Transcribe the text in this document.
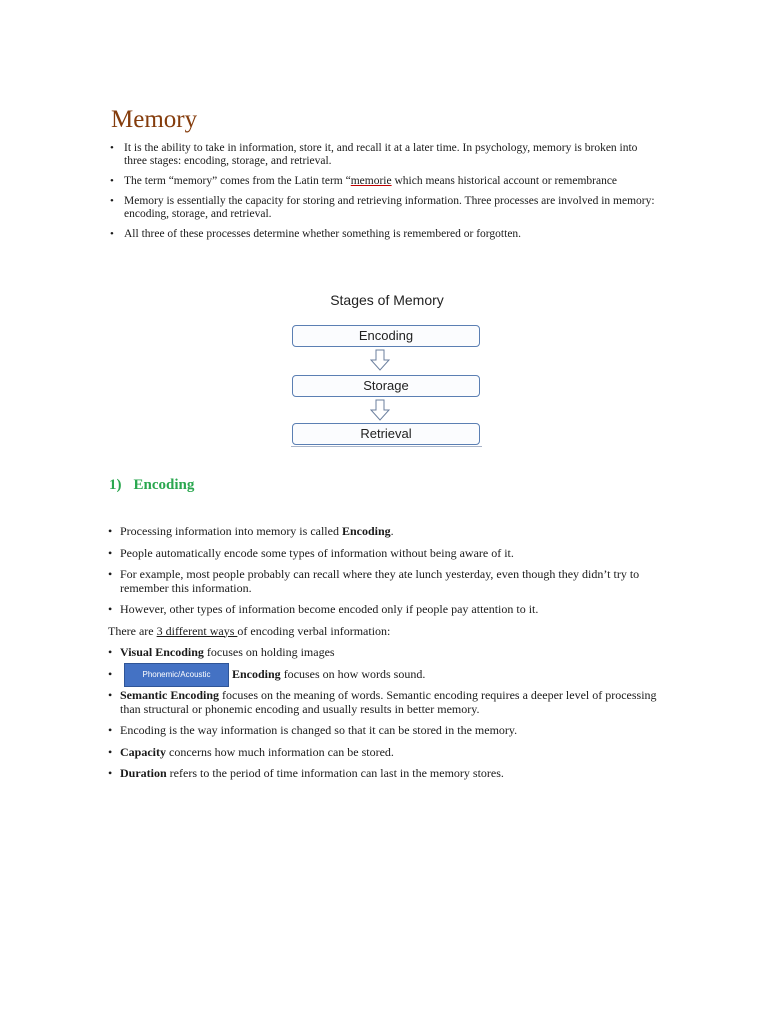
Memory
• It is the ability to take in information, store it, and recall it at a later time. In psychology, memory is broken into three stages: encoding, storage, and retrieval.
• The term “memory” comes from the Latin term “memorie which means historical account or remembrance
• Memory is essentially the capacity for storing and retrieving information. Three processes are involved in memory: encoding, storage, and retrieval.
• All three of these processes determine whether something is remembered or forgotten.
Stages of Memory
Encoding
Storage
Retrieval
1) Encoding
• Processing information into memory is called Encoding.
• People automatically encode some types of information without being aware of it.
• For example, most people probably can recall where they ate lunch yesterday, even though they didn’t try to remember this information.
• However, other types of information become encoded only if people pay attention to it.
There are 3 different ways of encoding verbal information:
• Visual Encoding focuses on holding images
• Phonemic/Acoustic Encoding focuses on how words sound.
• Semantic Encoding focuses on the meaning of words. Semantic encoding requires a deeper level of processing than structural or phonemic encoding and usually results in better memory.
• Encoding is the way information is changed so that it can be stored in the memory.
• Capacity concerns how much information can be stored.
• Duration refers to the period of time information can last in the memory stores.
